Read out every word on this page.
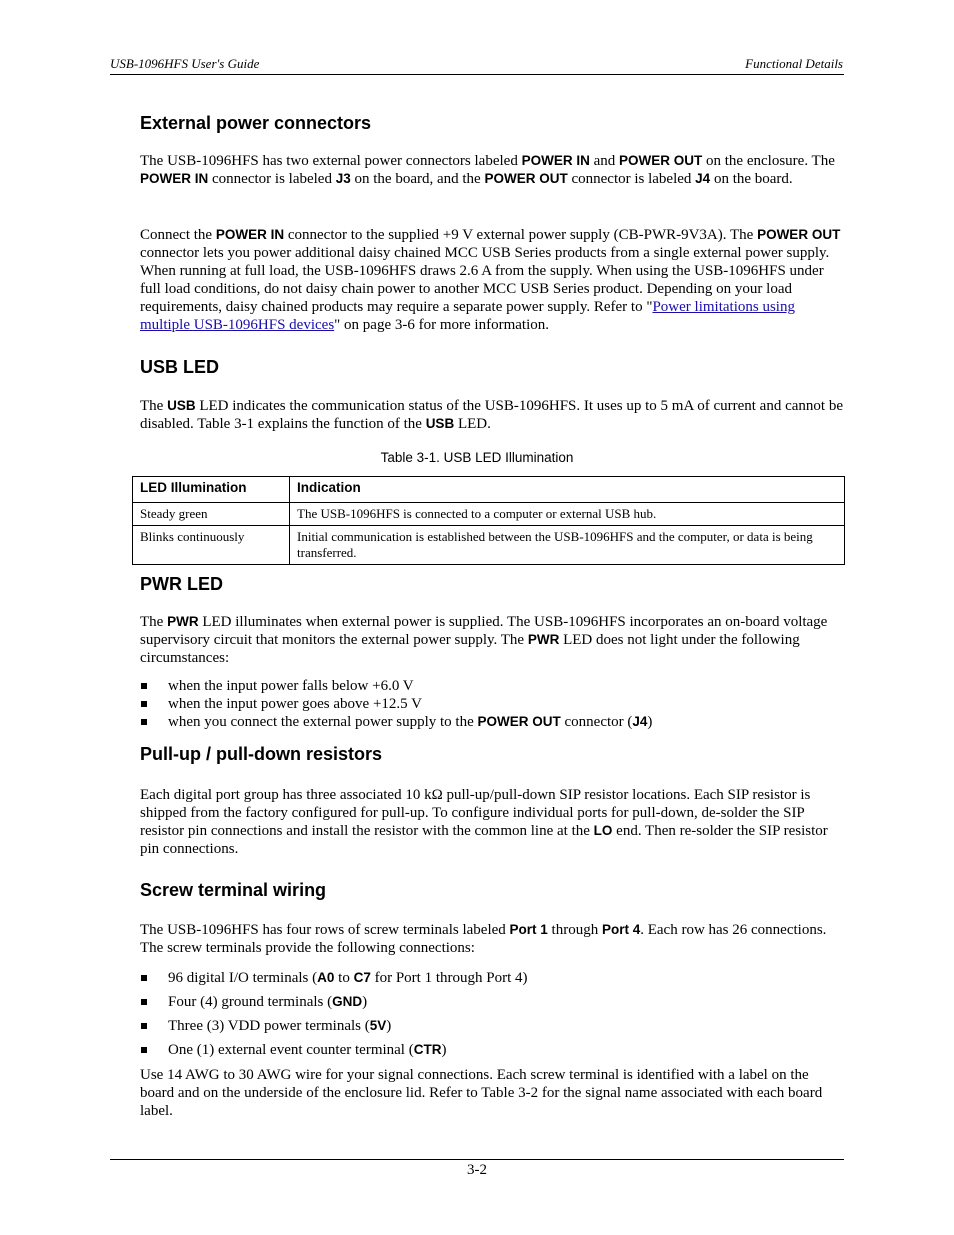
USB-1096HFS User's Guide	Functional Details
External power connectors

The USB-1096HFS has two external power connectors labeled POWER IN and POWER OUT on the enclosure. The POWER IN connector is labeled J3 on the board, and the POWER OUT connector is labeled J4 on the board.

Connect the POWER IN connector to the supplied +9 V external power supply (CB-PWR-9V3A). The POWER OUT connector lets you power additional daisy chained MCC USB Series products from a single external power supply. When running at full load, the USB-1096HFS draws 2.6 A from the supply. When using the USB-1096HFS under full load conditions, do not daisy chain power to another MCC USB Series product. Depending on your load requirements, daisy chained products may require a separate power supply. Refer to "Power limitations using multiple USB-1096HFS devices" on page 3-6 for more information.

USB LED

The USB LED indicates the communication status of the USB-1096HFS. It uses up to 5 mA of current and cannot be disabled. Table 3-1 explains the function of the USB LED.

Table 3-1. USB LED Illumination
LED Illumination	Indication
Steady green	The USB-1096HFS is connected to a computer or external USB hub.
Blinks continuously	Initial communication is established between the USB-1096HFS and the computer, or data is being transferred.
PWR LED

The PWR LED illuminates when external power is supplied. The USB-1096HFS incorporates an on-board voltage supervisory circuit that monitors the external power supply. The PWR LED does not light under the following circumstances:

when the input power falls below +6.0 V
when the input power goes above +12.5 V
when you connect the external power supply to the POWER OUT connector (J4)
Pull-up / pull-down resistors

Each digital port group has three associated 10 kΩ pull-up/pull-down SIP resistor locations. Each SIP resistor is shipped from the factory configured for pull-up. To configure individual ports for pull-down, de-solder the SIP resistor pin connections and install the resistor with the common line at the LO end. Then re-solder the SIP resistor pin connections.

Screw terminal wiring

The USB-1096HFS has four rows of screw terminals labeled Port 1 through Port 4. Each row has 26 connections. The screw terminals provide the following connections:

96 digital I/O terminals (A0 to C7 for Port 1 through Port 4)
Four (4) ground terminals (GND)
Three (3) VDD power terminals (5V)
One (1) external event counter terminal (CTR)

Use 14 AWG to 30 AWG wire for your signal connections. Each screw terminal is identified with a label on the board and on the underside of the enclosure lid. Refer to Table 3-2 for the signal name associated with each board label.

3-2
